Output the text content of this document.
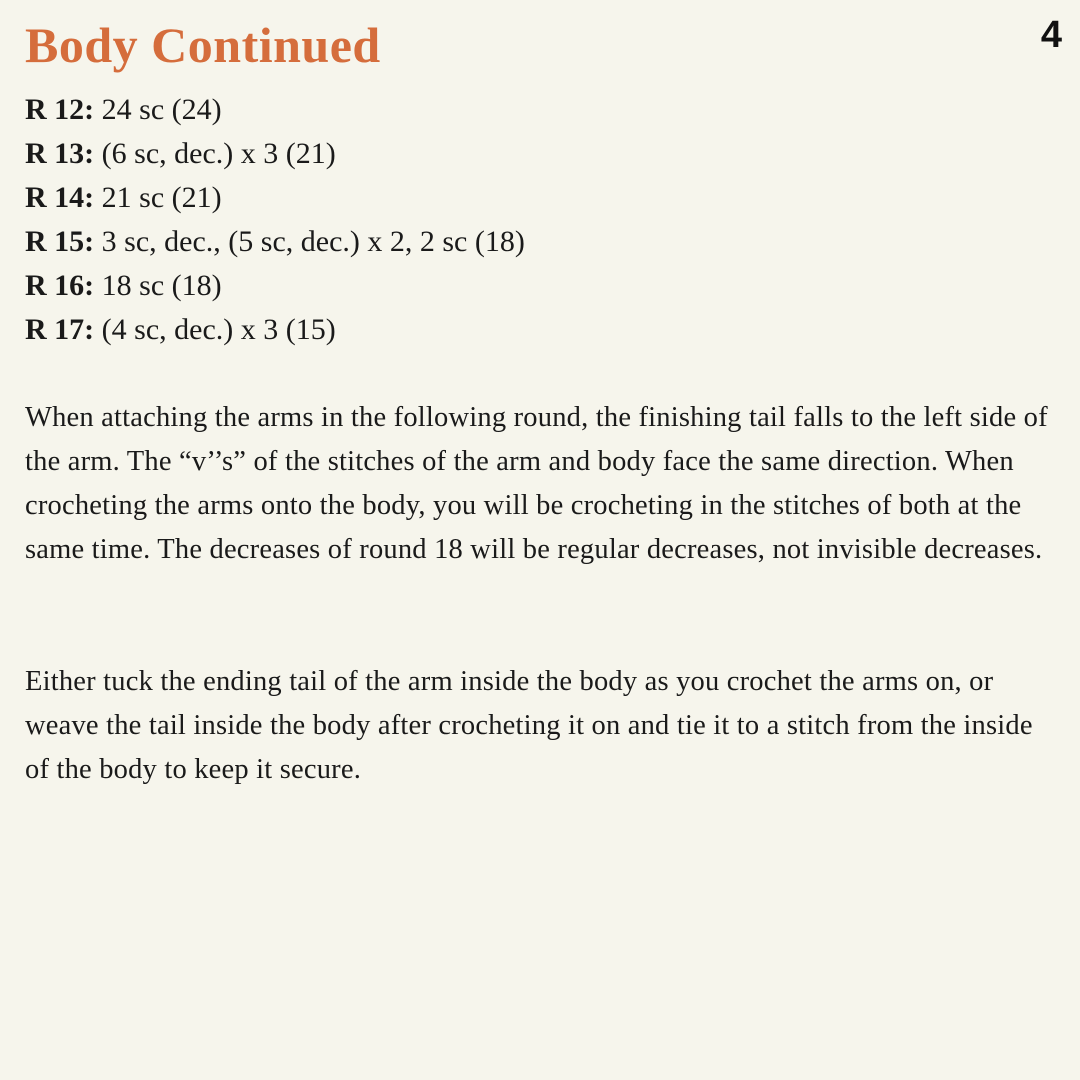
Body Continued	4
R 12: 24 sc (24)
R 13: (6 sc, dec.) x 3 (21)
R 14: 21 sc (21)
R 15: 3 sc, dec., (5 sc, dec.) x 2, 2 sc (18)
R 16: 18 sc (18)
R 17: (4 sc, dec.) x 3 (15)

When attaching the arms in the following round, the finishing tail falls to the left side of the arm. The “v’’s” of the stitches of the arm and body face the same direction. When crocheting the arms onto the body, you will be crocheting in the stitches of both at the same time. The decreases of round 18 will be regular decreases, not invisible decreases.

Either tuck the ending tail of the arm inside the body as you crochet the arms on, or weave the tail inside the body after crocheting it on and tie it to a stitch from the inside of the body to keep it secure.
